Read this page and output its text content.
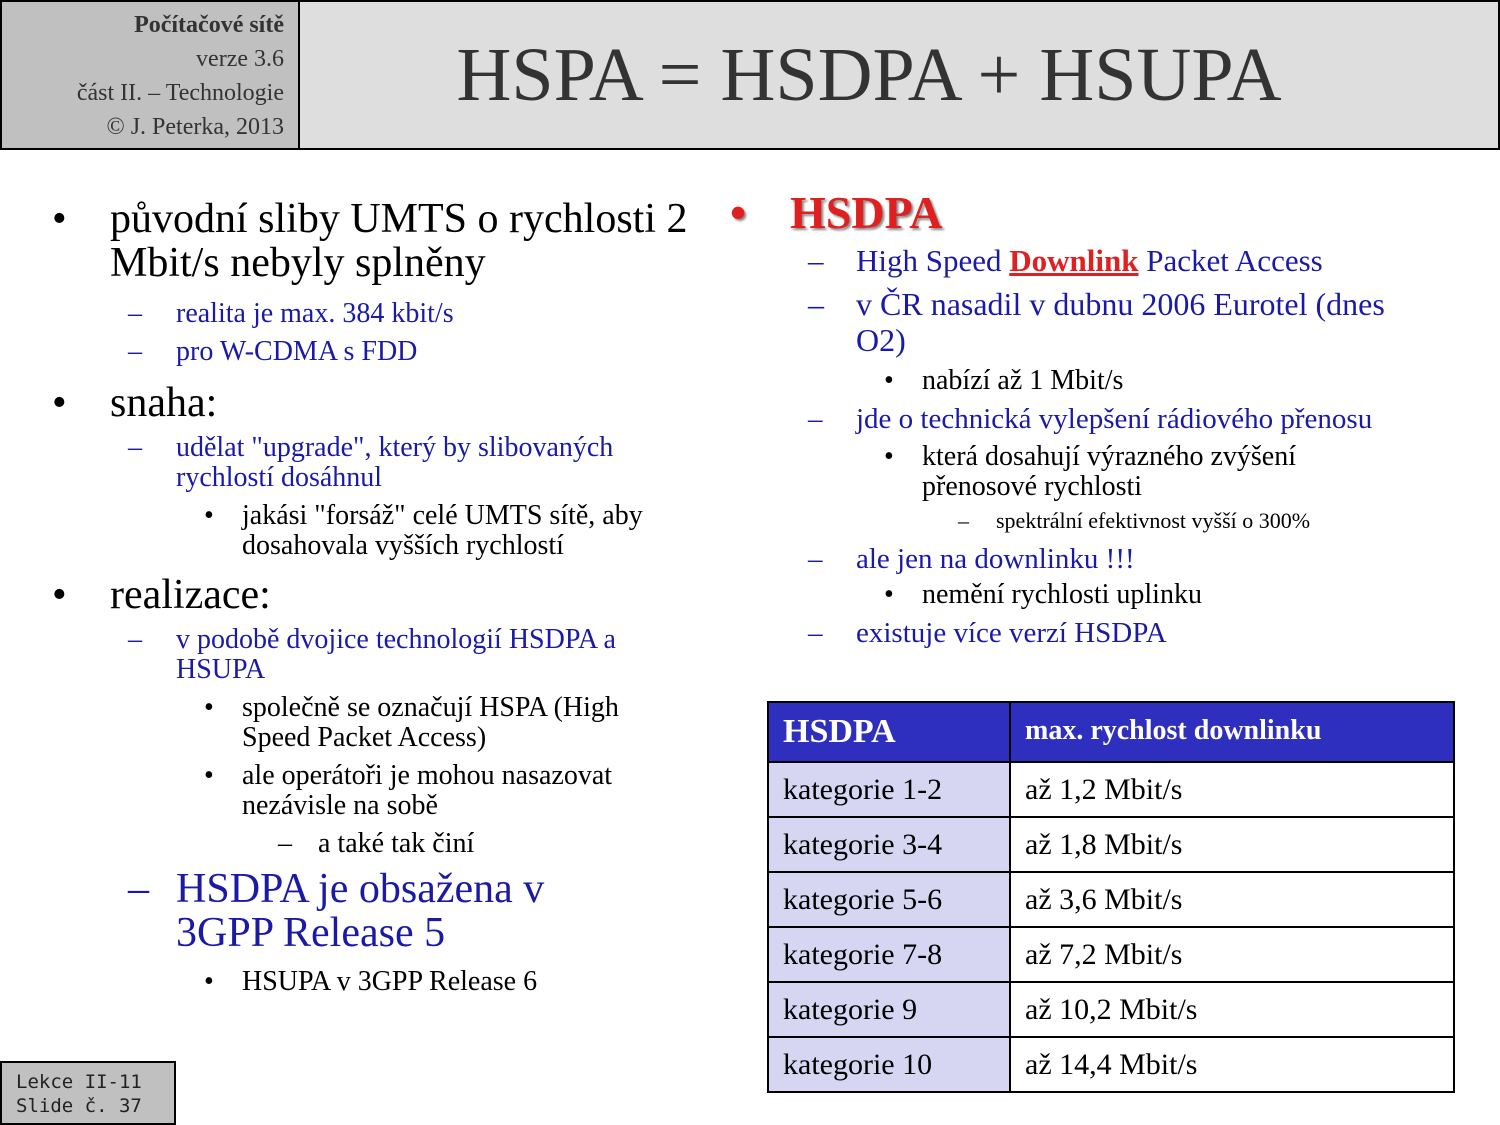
Počítačové sítě
verze 3.6
část II. – Technologie
© J. Peterka, 2013
HSPA = HSDPA + HSUPA
• původní sliby UMTS o rychlosti 2 Mbit/s nebyly splněny
– realita je max. 384 kbit/s
– pro W-CDMA s FDD
• snaha:
– udělat "upgrade", který by slibovaných rychlostí dosáhnul
• jakási "forsáž" celé UMTS sítě, aby dosahovala vyšších rychlostí
• realizace:
– v podobě dvojice technologií HSDPA a HSUPA
• společně se označují HSPA (High Speed Packet Access)
• ale operátoři je mohou nasazovat nezávisle na sobě
– a také tak činí
– HSDPA je obsažena v 3GPP Release 5
• HSUPA v 3GPP Release 6
• HSDPA
– High Speed Downlink Packet Access
– v ČR nasadil v dubnu 2006 Eurotel (dnes O2)
• nabízí až 1 Mbit/s
– jde o technická vylepšení rádiového přenosu
• která dosahují výrazného zvýšení přenosové rychlosti
– spektrální efektivnost vyšší o 300%
– ale jen na downlinku !!!
• nemění rychlosti uplinku
– existuje více verzí HSDPA
HSDPA	max. rychlost downlinku
kategorie 1-2	až 1,2 Mbit/s
kategorie 3-4	až 1,8 Mbit/s
kategorie 5-6	až 3,6 Mbit/s
kategorie 7-8	až 7,2 Mbit/s
kategorie 9	až 10,2 Mbit/s
kategorie 10	až 14,4 Mbit/s
Lekce II-11
Slide č. 37
